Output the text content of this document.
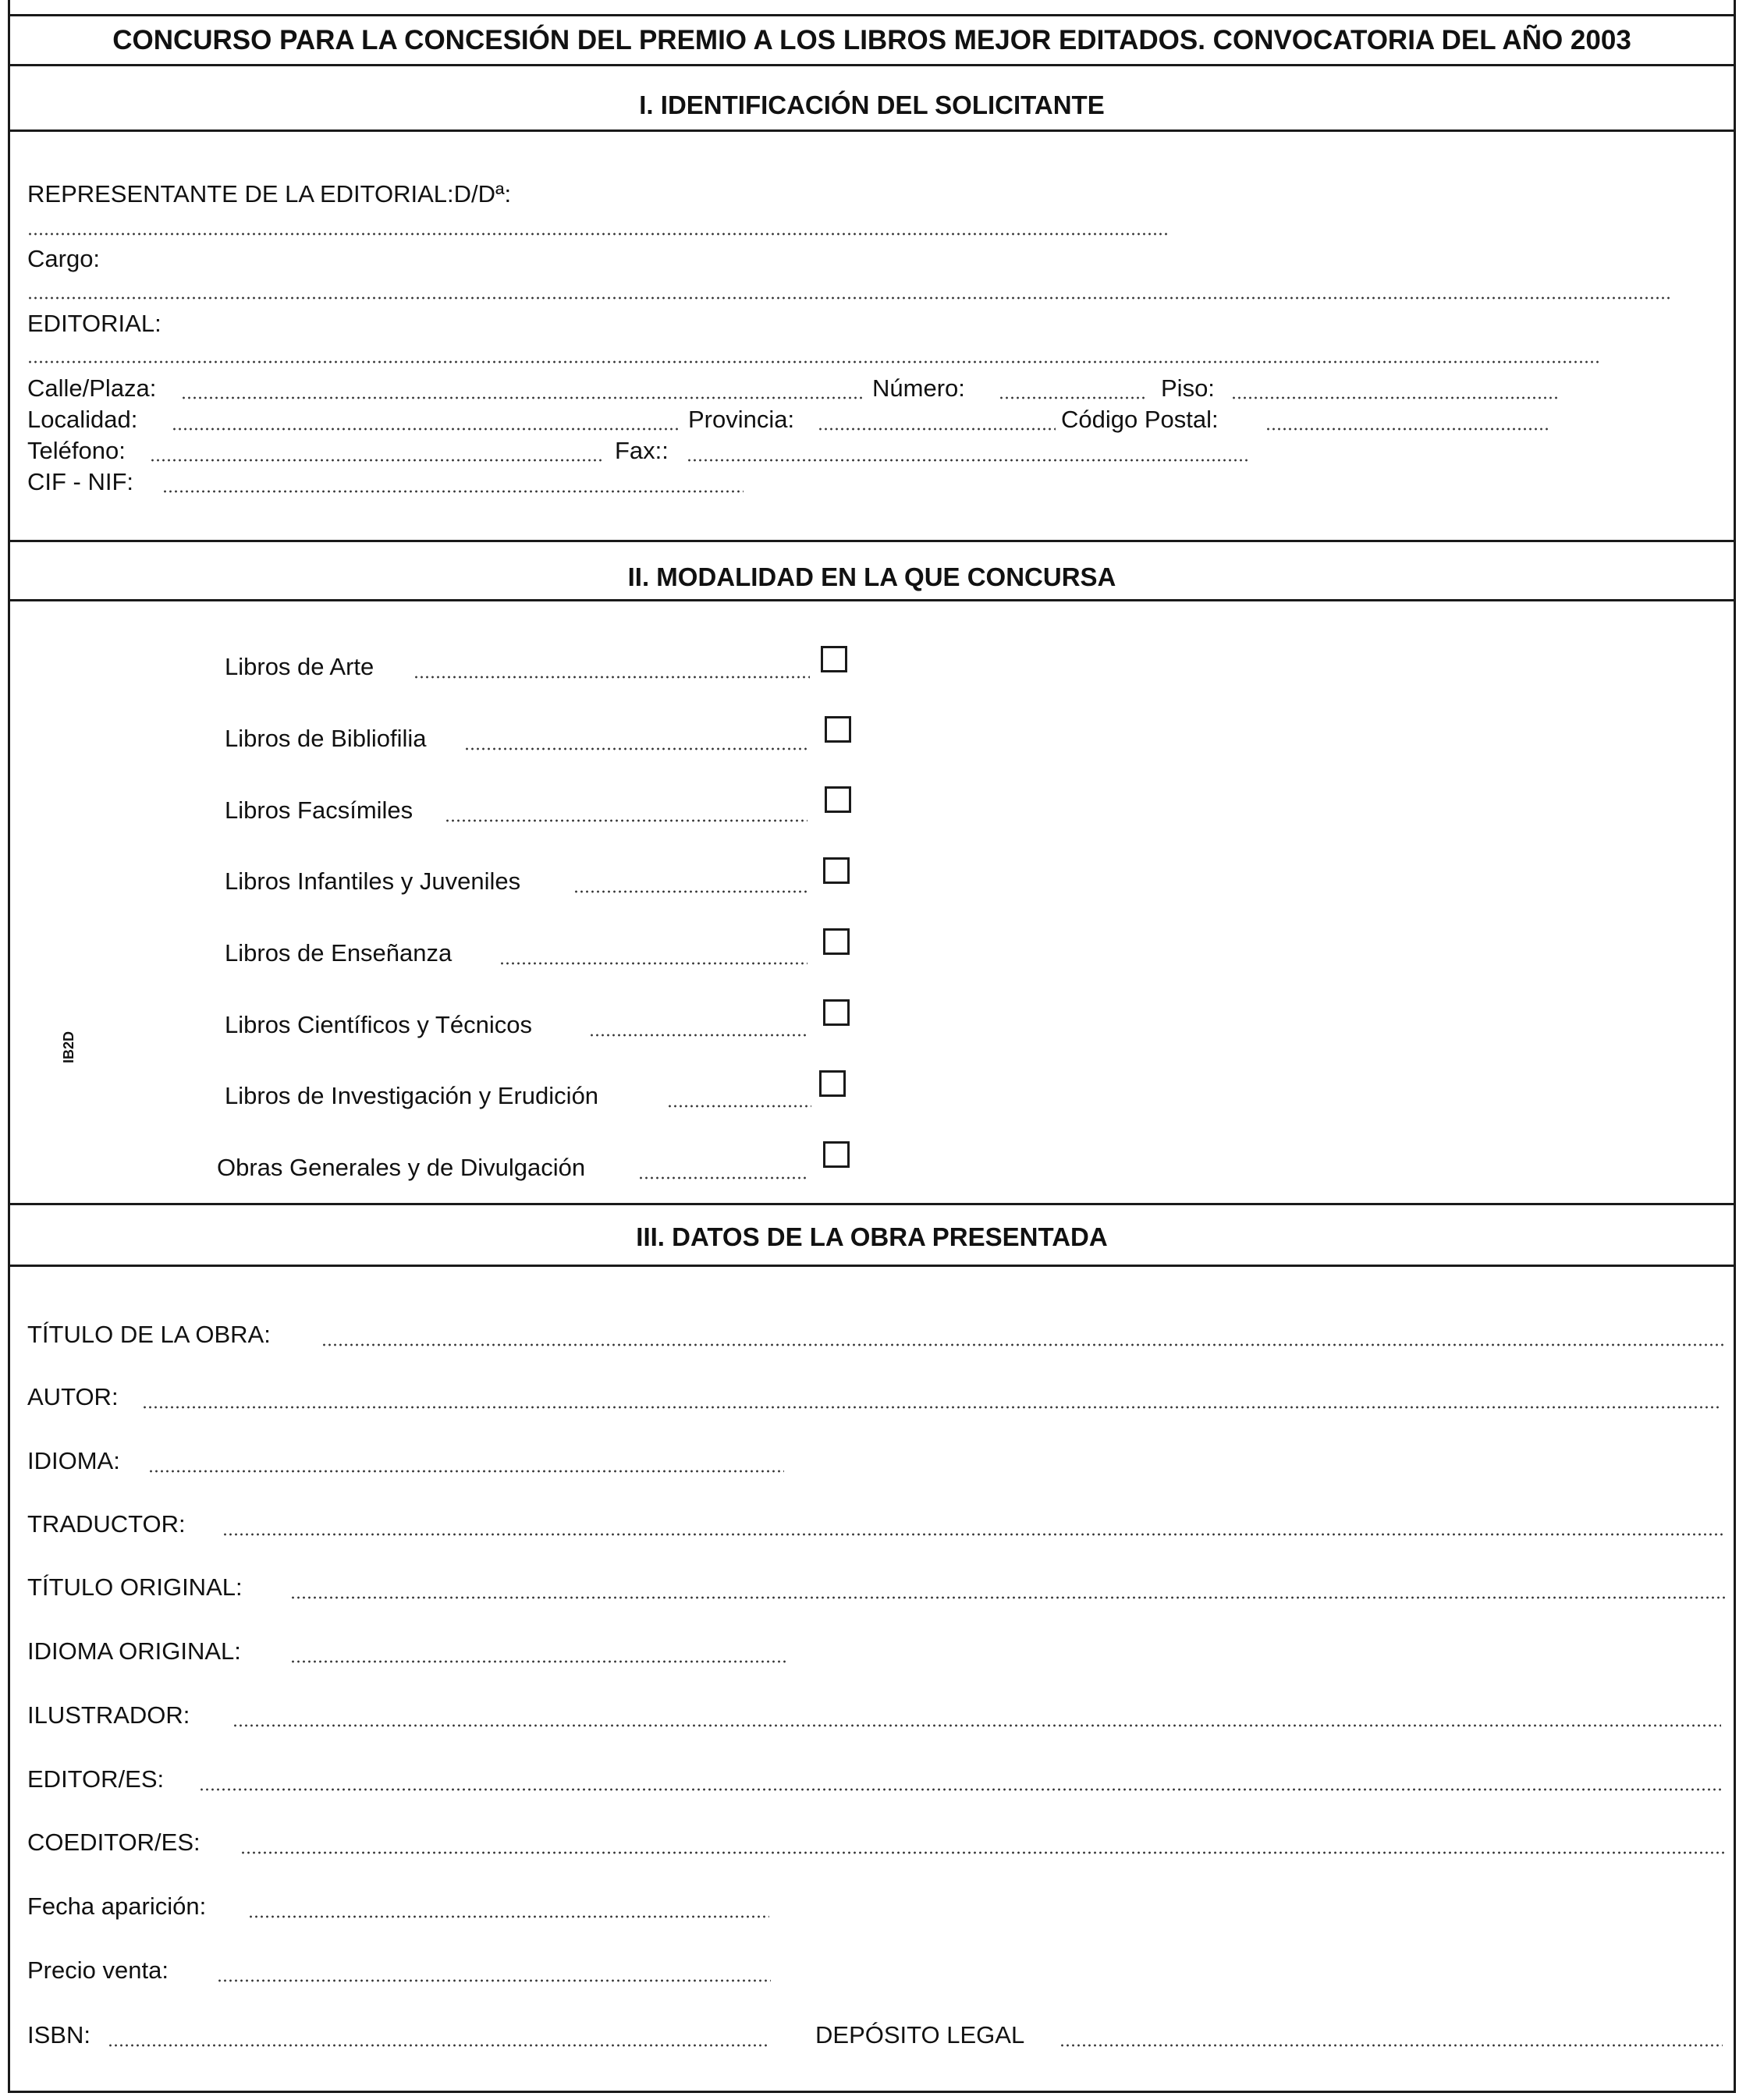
CONCURSO PARA LA CONCESIÓN DEL PREMIO A LOS LIBROS MEJOR EDITADOS. CONVOCATORIA DEL AÑO 2003
I. IDENTIFICACIÓN DEL SOLICITANTE
REPRESENTANTE DE LA EDITORIAL:D/Dª:
Cargo:
EDITORIAL:
Calle/Plaza:	Número:	Piso:
Localidad:	Provincia:	Código Postal:
Teléfono:	Fax::
CIF - NIF:
II. MODALIDAD EN LA QUE CONCURSA
IB2D
Libros de Arte
Libros de Bibliofilia
Libros Facsímiles
Libros Infantiles y Juveniles
Libros de Enseñanza
Libros Científicos y Técnicos
Libros de Investigación y Erudición
Obras Generales y de Divulgación
III. DATOS DE LA OBRA PRESENTADA
TÍTULO DE LA OBRA:
AUTOR:
IDIOMA:
TRADUCTOR:
TÍTULO ORIGINAL:
IDIOMA ORIGINAL:
ILUSTRADOR:
EDITOR/ES:
COEDITOR/ES:
Fecha aparición:
Precio venta:
ISBN:	DEPÓSITO LEGAL
